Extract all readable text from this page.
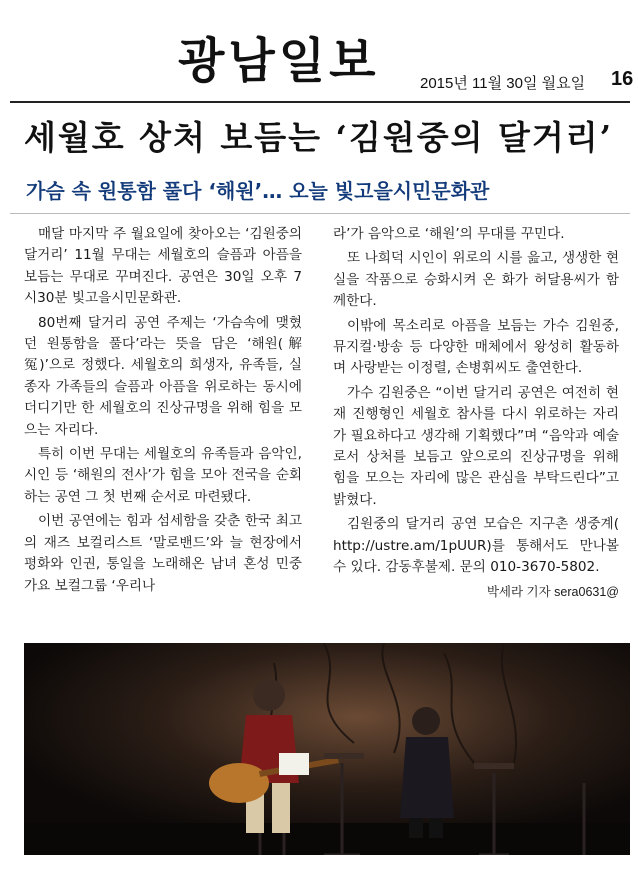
광남일보	2015년 11월 30일 월요일 16
세월호 상처 보듬는 ‘김원중의 달거리’
가슴 속 원통함 풀다 ‘해원’… 오늘 빛고을시민문화관

매달 마지막 주 월요일에 찾아오는 ‘김원중의 달거리’ 11월 무대는 세월호의 슬픔과 아픔을 보듬는 무대로 꾸며진다. 공연은 30일 오후 7시30분 빛고을시민문화관.

80번째 달거리 공연 주제는 ‘가슴속에 맺혔던 원통함을 풀다’라는 뜻을 담은 ‘해원(解冤)’으로 정했다. 세월호의 희생자, 유족들, 실종자 가족들의 슬픔과 아픔을 위로하는 동시에 더디기만 한 세월호의 진상규명을 위해 힘을 모으는 자리다.

특히 이번 무대는 세월호의 유족들과 음악인, 시인 등 ‘해원의 전사’가 힘을 모아 전국을 순회하는 공연 그 첫 번째 순서로 마련됐다.

이번 공연에는 힘과 섬세함을 갖춘 한국 최고의 재즈 보컬리스트 ‘말로밴드’와 늘 현장에서 평화와 인권, 통일을 노래해온 남녀 혼성 민중가요 보컬그룹 ‘우리나

라’가 음악으로 ‘해원’의 무대를 꾸민다.

또 나희덕 시인이 위로의 시를 읊고, 생생한 현실을 작품으로 승화시켜 온 화가 허달용씨가 함께한다.

이밖에 목소리로 아픔을 보듬는 가수 김원중, 뮤지컬·방송 등 다양한 매체에서 왕성히 활동하며 사랑받는 이정렬, 손병휘씨도 출연한다.

가수 김원중은 “이번 달거리 공연은 여전히 현재 진행형인 세월호 참사를 다시 위로하는 자리가 필요하다고 생각해 기획했다”며 “음악과 예술로서 상처를 보듬고 앞으로의 진상규명을 위해 힘을 모으는 자리에 많은 관심을 부탁드린다”고 밝혔다.

김원중의 달거리 공연 모습은 지구촌 생중계( http://ustre.am/1pUUR)를 통해서도 만나볼 수 있다. 감동후불제. 문의 010-3670-5802.

박세라 기자 sera0631@
